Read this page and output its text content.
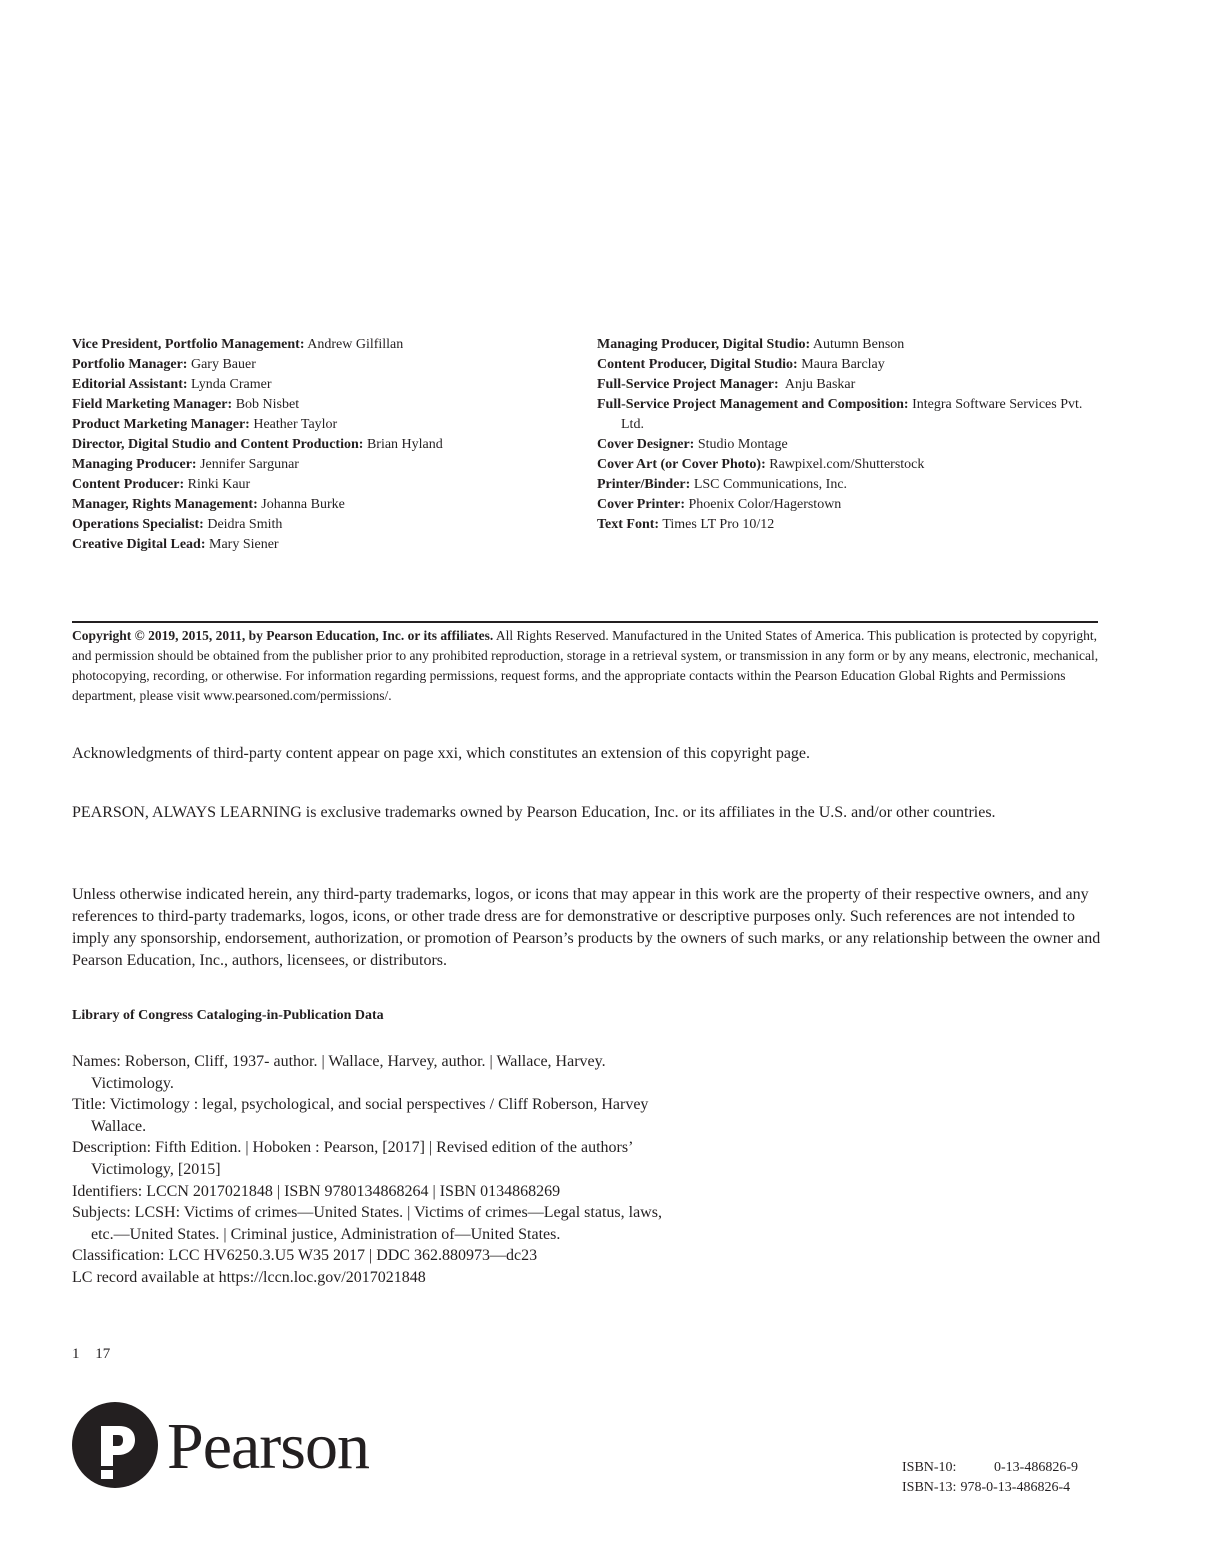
Vice President, Portfolio Management: Andrew Gilfillan
Portfolio Manager: Gary Bauer
Editorial Assistant: Lynda Cramer
Field Marketing Manager: Bob Nisbet
Product Marketing Manager: Heather Taylor
Director, Digital Studio and Content Production: Brian Hyland
Managing Producer: Jennifer Sargunar
Content Producer: Rinki Kaur
Manager, Rights Management: Johanna Burke
Operations Specialist: Deidra Smith
Creative Digital Lead: Mary Siener
Managing Producer, Digital Studio: Autumn Benson
Content Producer, Digital Studio: Maura Barclay
Full-Service Project Manager:  Anju Baskar
Full-Service Project Management and Composition: Integra Software Services Pvt. Ltd.
Cover Designer: Studio Montage
Cover Art (or Cover Photo): Rawpixel.com/Shutterstock
Printer/Binder: LSC Communications, Inc.
Cover Printer: Phoenix Color/Hagerstown
Text Font: Times LT Pro 10/12
Copyright © 2019, 2015, 2011, by Pearson Education, Inc. or its affiliates. All Rights Reserved. Manufactured in the United States of America. This publication is protected by copyright, and permission should be obtained from the publisher prior to any prohibited reproduction, storage in a retrieval system, or transmission in any form or by any means, electronic, mechanical, photocopying, recording, or otherwise. For information regarding permissions, request forms, and the appropriate contacts within the Pearson Education Global Rights and Permissions department, please visit www.pearsoned.com/permissions/.
Acknowledgments of third-party content appear on page xxi, which constitutes an extension of this copyright page.
PEARSON, ALWAYS LEARNING is exclusive trademarks owned by Pearson Education, Inc. or its affiliates in the U.S. and/or other countries.
Unless otherwise indicated herein, any third-party trademarks, logos, or icons that may appear in this work are the property of their respective owners, and any references to third-party trademarks, logos, icons, or other trade dress are for demonstrative or descriptive purposes only. Such references are not intended to imply any sponsorship, endorsement, authorization, or promotion of Pearson’s products by the owners of such marks, or any relationship between the owner and Pearson Education, Inc., authors, licensees, or distributors.
Library of Congress Cataloging-in-Publication Data
Names: Roberson, Cliff, 1937- author. | Wallace, Harvey, author. | Wallace, Harvey. Victimology.
Title: Victimology : legal, psychological, and social perspectives / Cliff Roberson, Harvey Wallace.
Description: Fifth Edition. | Hoboken : Pearson, [2017] | Revised edition of the authors’ Victimology, [2015]
Identifiers: LCCN 2017021848 | ISBN 9780134868264 | ISBN 0134868269
Subjects: LCSH: Victims of crimes—United States. | Victims of crimes—Legal status, laws, etc.—United States. | Criminal justice, Administration of—United States.
Classification: LCC HV6250.3.U5 W35 2017 | DDC 362.880973—dc23
LC record available at https://lccn.loc.gov/2017021848
1 17
Pearson	ISBN-10:	0-13-486826-9
ISBN-13: 978-0-13-486826-4
